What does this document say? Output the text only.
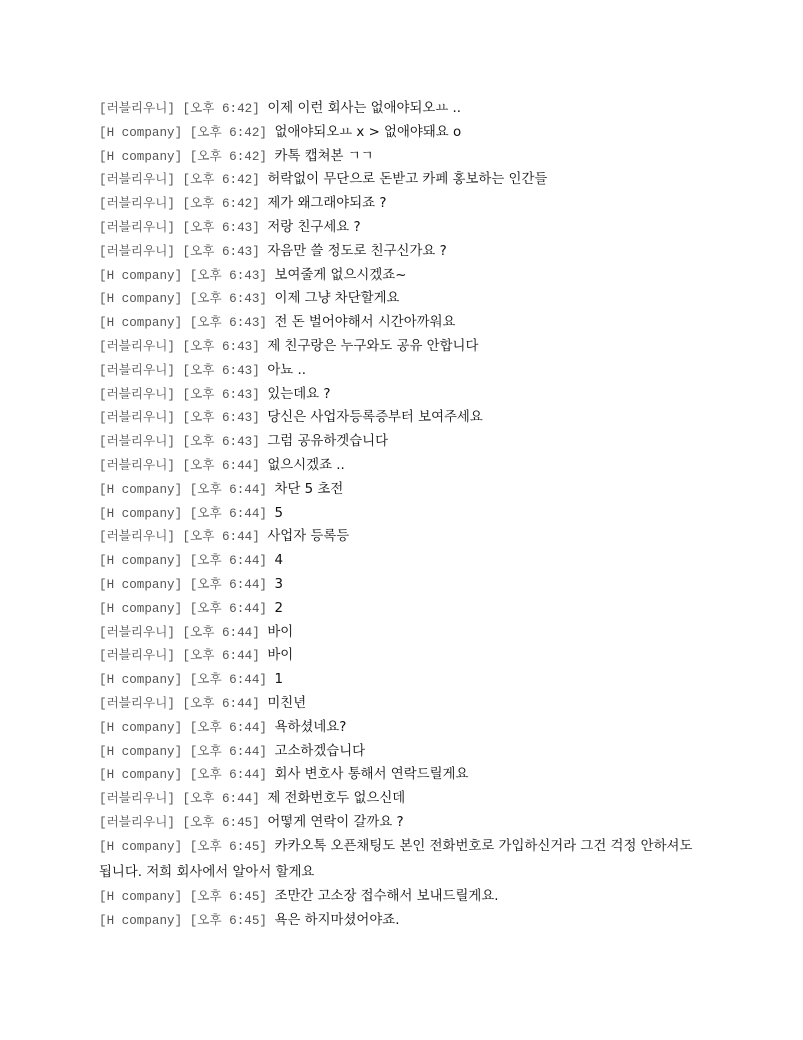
[러블리우니] [오후 6:42] 이제 이런 회사는 없애야되오ㅛ ..
[H company] [오후 6:42] 없애야되오ㅛ x > 없애야돼요 o
[H company] [오후 6:42] 카톡 캡쳐본 ㄱㄱ
[러블리우니] [오후 6:42] 허락없이 무단으로 돈받고 카페 홍보하는 인간들
[러블리우니] [오후 6:42] 제가 왜그래야되죠 ?
[러블리우니] [오후 6:43] 저랑 친구세요 ?
[러블리우니] [오후 6:43] 자음만 쓸 정도로 친구신가요 ?
[H company] [오후 6:43] 보여줄게 없으시겠죠~
[H company] [오후 6:43] 이제 그냥 차단할게요
[H company] [오후 6:43] 전 돈 벌어야해서 시간아까워요
[러블리우니] [오후 6:43] 제 친구랑은 누구와도 공유 안합니다
[러블리우니] [오후 6:43] 아뇨 ..
[러블리우니] [오후 6:43] 있는데요 ?
[러블리우니] [오후 6:43] 당신은 사업자등록증부터 보여주세요
[러블리우니] [오후 6:43] 그럼 공유하겟습니다
[러블리우니] [오후 6:44] 없으시겠죠 ..
[H company] [오후 6:44] 차단 5 초전
[H company] [오후 6:44] 5
[러블리우니] [오후 6:44] 사업자 등록등
[H company] [오후 6:44] 4
[H company] [오후 6:44] 3
[H company] [오후 6:44] 2
[러블리우니] [오후 6:44] 바이
[러블리우니] [오후 6:44] 바이
[H company] [오후 6:44] 1
[러블리우니] [오후 6:44] 미친년
[H company] [오후 6:44] 욕하셨네요?
[H company] [오후 6:44] 고소하겠습니다
[H company] [오후 6:44] 회사 변호사 통해서 연락드릴게요
[러블리우니] [오후 6:44] 제 전화번호두 없으신데
[러블리우니] [오후 6:45] 어떻게 연락이 갈까요 ?
[H company] [오후 6:45] 카카오톡 오픈채팅도 본인 전화번호로 가입하신거라 그건 걱정 안하셔도 됩니다. 저희 회사에서 알아서 할게요
[H company] [오후 6:45] 조만간 고소장 접수해서 보내드릴게요.
[H company] [오후 6:45] 욕은 하지마셨어야죠.
